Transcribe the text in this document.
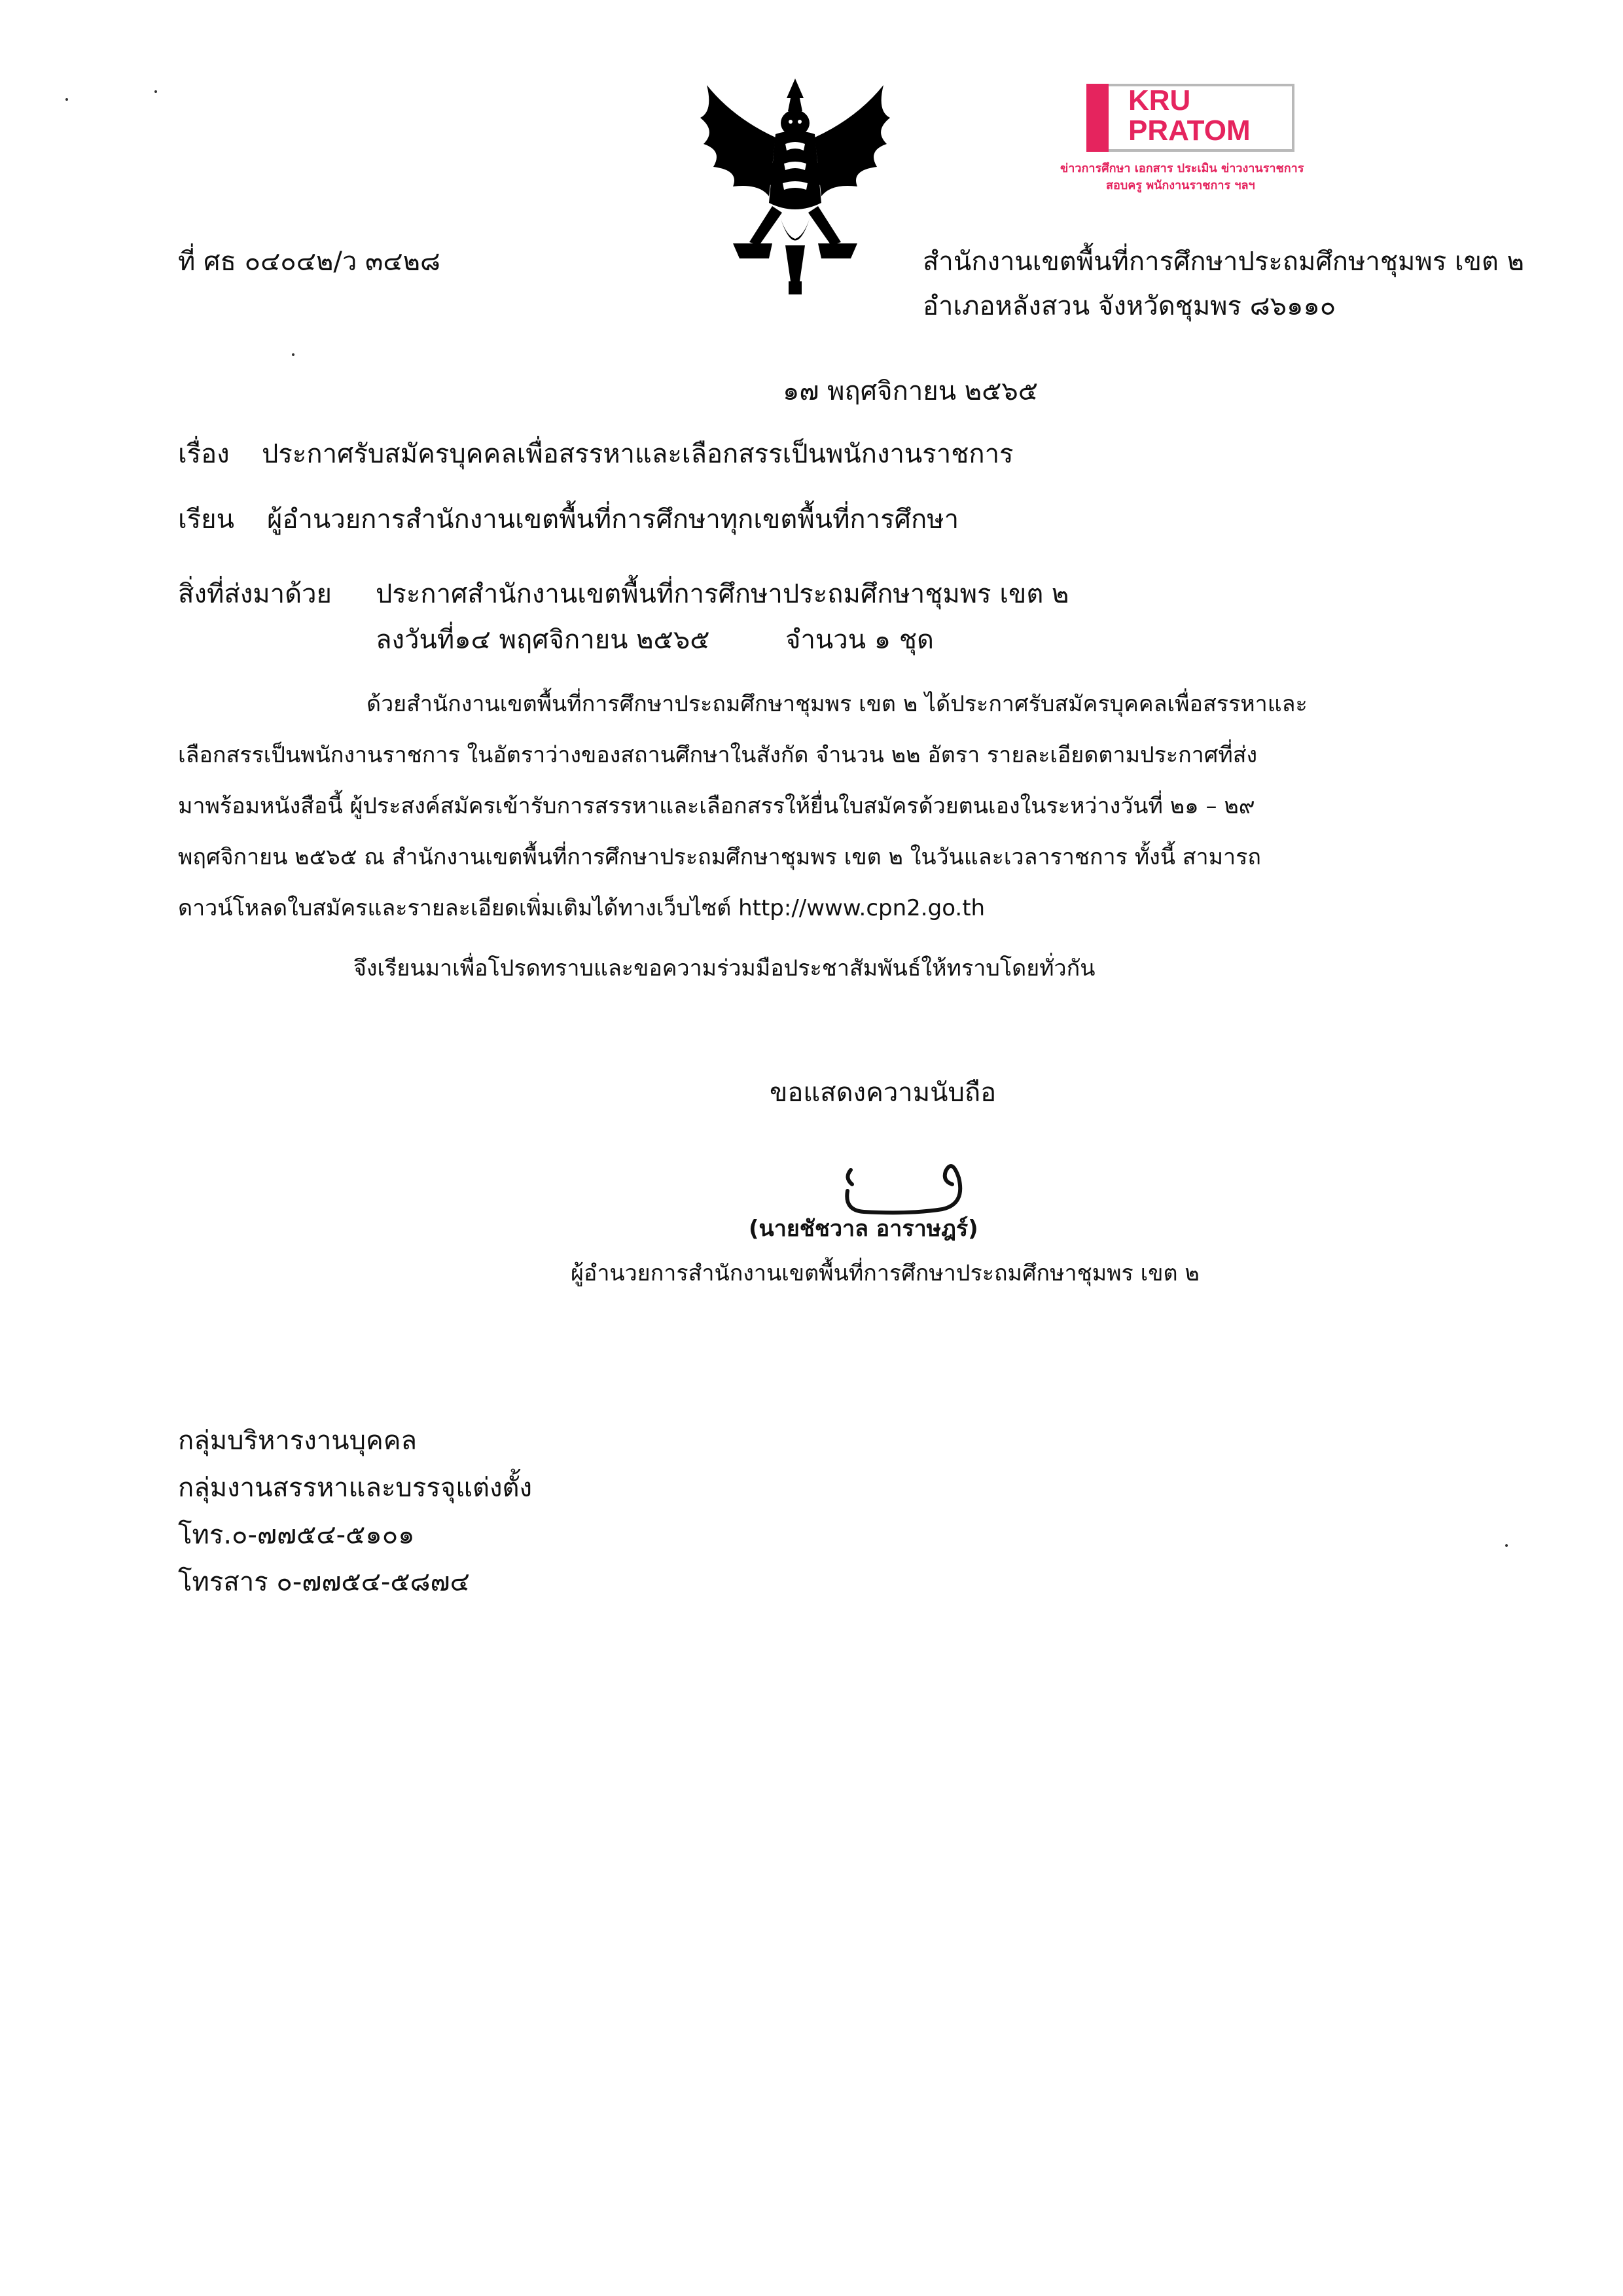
KRU
PRATOM
ข่าวการศึกษา เอกสาร ประเมิน ข่าวงานราชการ
สอบครู พนักงานราชการ ฯลฯ
ที่ ศธ ๐๔๐๔๒/ว ๓๔๒๘	สำนักงานเขตพื้นที่การศึกษาประถมศึกษาชุมพร เขต ๒
อำเภอหลังสวน จังหวัดชุมพร ๘๖๑๑๐
๑๗ พฤศจิกายน ๒๕๖๕
เรื่อง ประกาศรับสมัครบุคคลเพื่อสรรหาและเลือกสรรเป็นพนักงานราชการ
เรียน ผู้อำนวยการสำนักงานเขตพื้นที่การศึกษาทุกเขตพื้นที่การศึกษา
สิ่งที่ส่งมาด้วย ประกาศสำนักงานเขตพื้นที่การศึกษาประถมศึกษาชุมพร เขต ๒
ลงวันที่๑๔ พฤศจิกายน ๒๕๖๕	จำนวน ๑ ชุด
ด้วยสำนักงานเขตพื้นที่การศึกษาประถมศึกษาชุมพร เขต ๒ ได้ประกาศรับสมัครบุคคลเพื่อสรรหาและ
เลือกสรรเป็นพนักงานราชการ ในอัตราว่างของสถานศึกษาในสังกัด จำนวน ๒๒ อัตรา รายละเอียดตามประกาศที่ส่ง
มาพร้อมหนังสือนี้ ผู้ประสงค์สมัครเข้ารับการสรรหาและเลือกสรรให้ยื่นใบสมัครด้วยตนเองในระหว่างวันที่ ๒๑ – ๒๙
พฤศจิกายน ๒๕๖๕ ณ สำนักงานเขตพื้นที่การศึกษาประถมศึกษาชุมพร เขต ๒ ในวันและเวลาราชการ ทั้งนี้ สามารถ
ดาวน์โหลดใบสมัครและรายละเอียดเพิ่มเติมได้ทางเว็บไซต์ http://www.cpn2.go.th
จึงเรียนมาเพื่อโปรดทราบและขอความร่วมมือประชาสัมพันธ์ให้ทราบโดยทั่วกัน
ขอแสดงความนับถือ
(นายชัชวาล อาราษฎร์)
ผู้อำนวยการสำนักงานเขตพื้นที่การศึกษาประถมศึกษาชุมพร เขต ๒
กลุ่มบริหารงานบุคคล
กลุ่มงานสรรหาและบรรจุแต่งตั้ง
โทร.๐-๗๗๕๔-๕๑๐๑
โทรสาร ๐-๗๗๕๔-๕๘๗๔
